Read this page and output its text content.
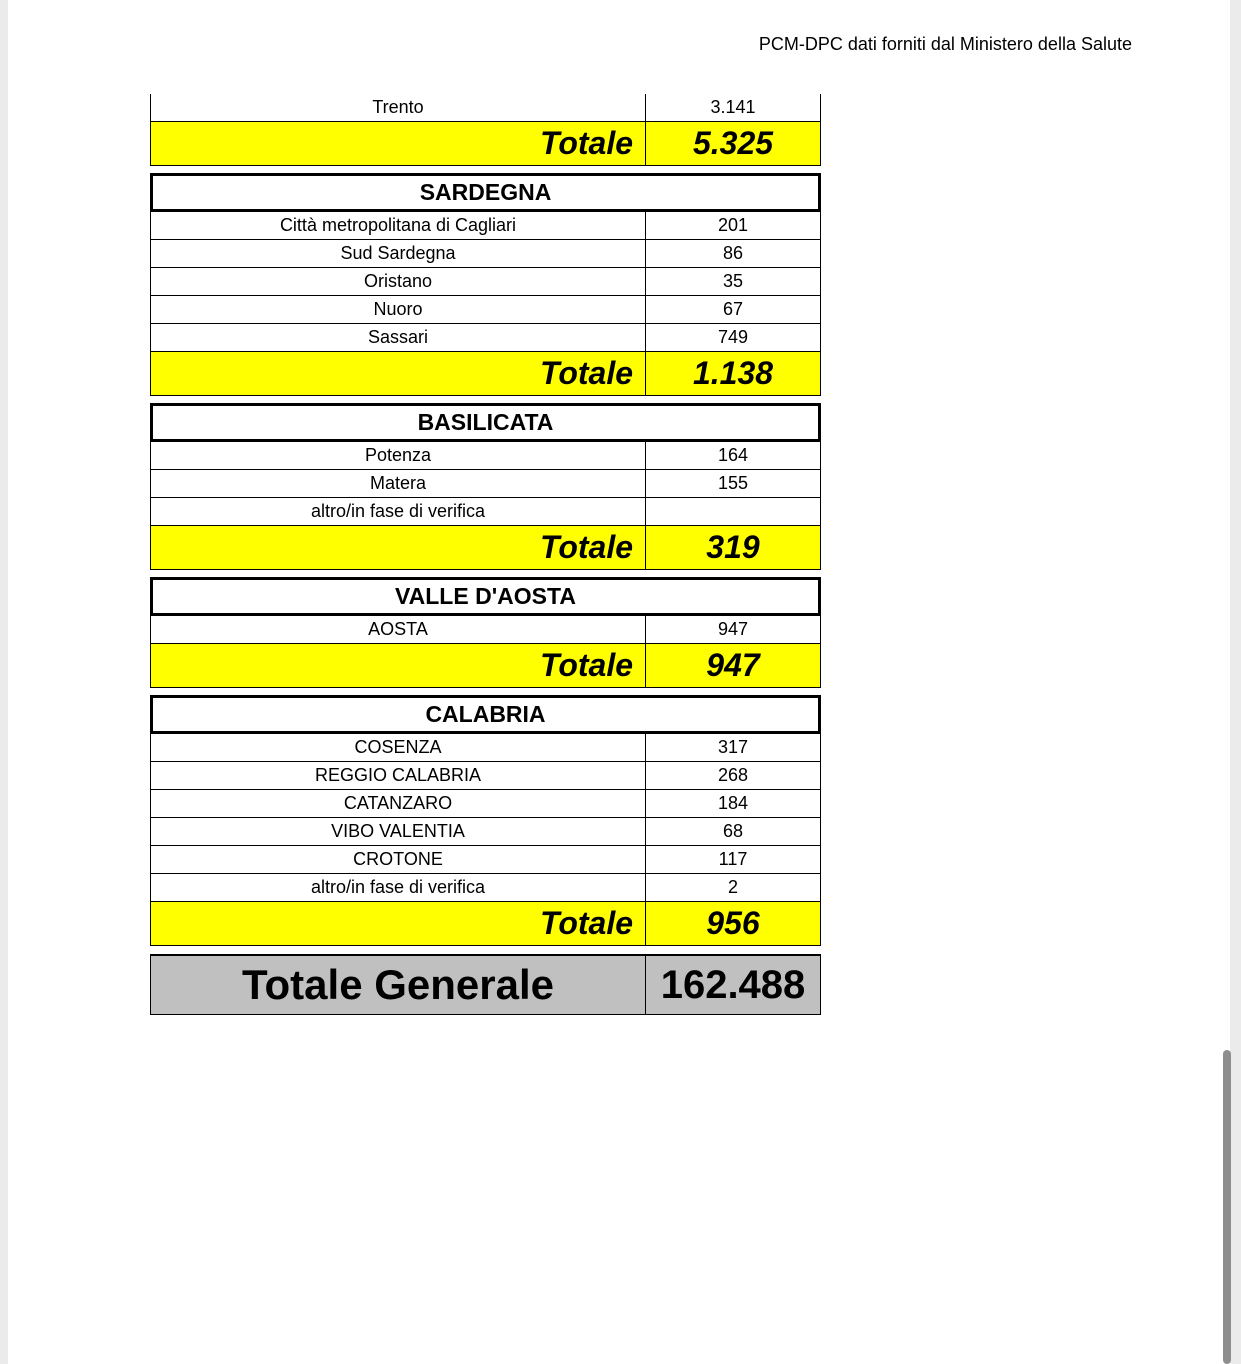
PCM-DPC dati forniti dal Ministero della Salute
Trento	3.141
Totale	5.325
SARDEGNA
Città metropolitana di Cagliari	201
Sud Sardegna	86
Oristano	35
Nuoro	67
Sassari	749
Totale	1.138
BASILICATA
Potenza	164
Matera	155
altro/in fase di verifica
Totale	319
VALLE D'AOSTA
AOSTA	947
Totale	947
CALABRIA
COSENZA	317
REGGIO CALABRIA	268
CATANZARO	184
VIBO VALENTIA	68
CROTONE	117
altro/in fase di verifica	2
Totale	956
Totale Generale	162.488
